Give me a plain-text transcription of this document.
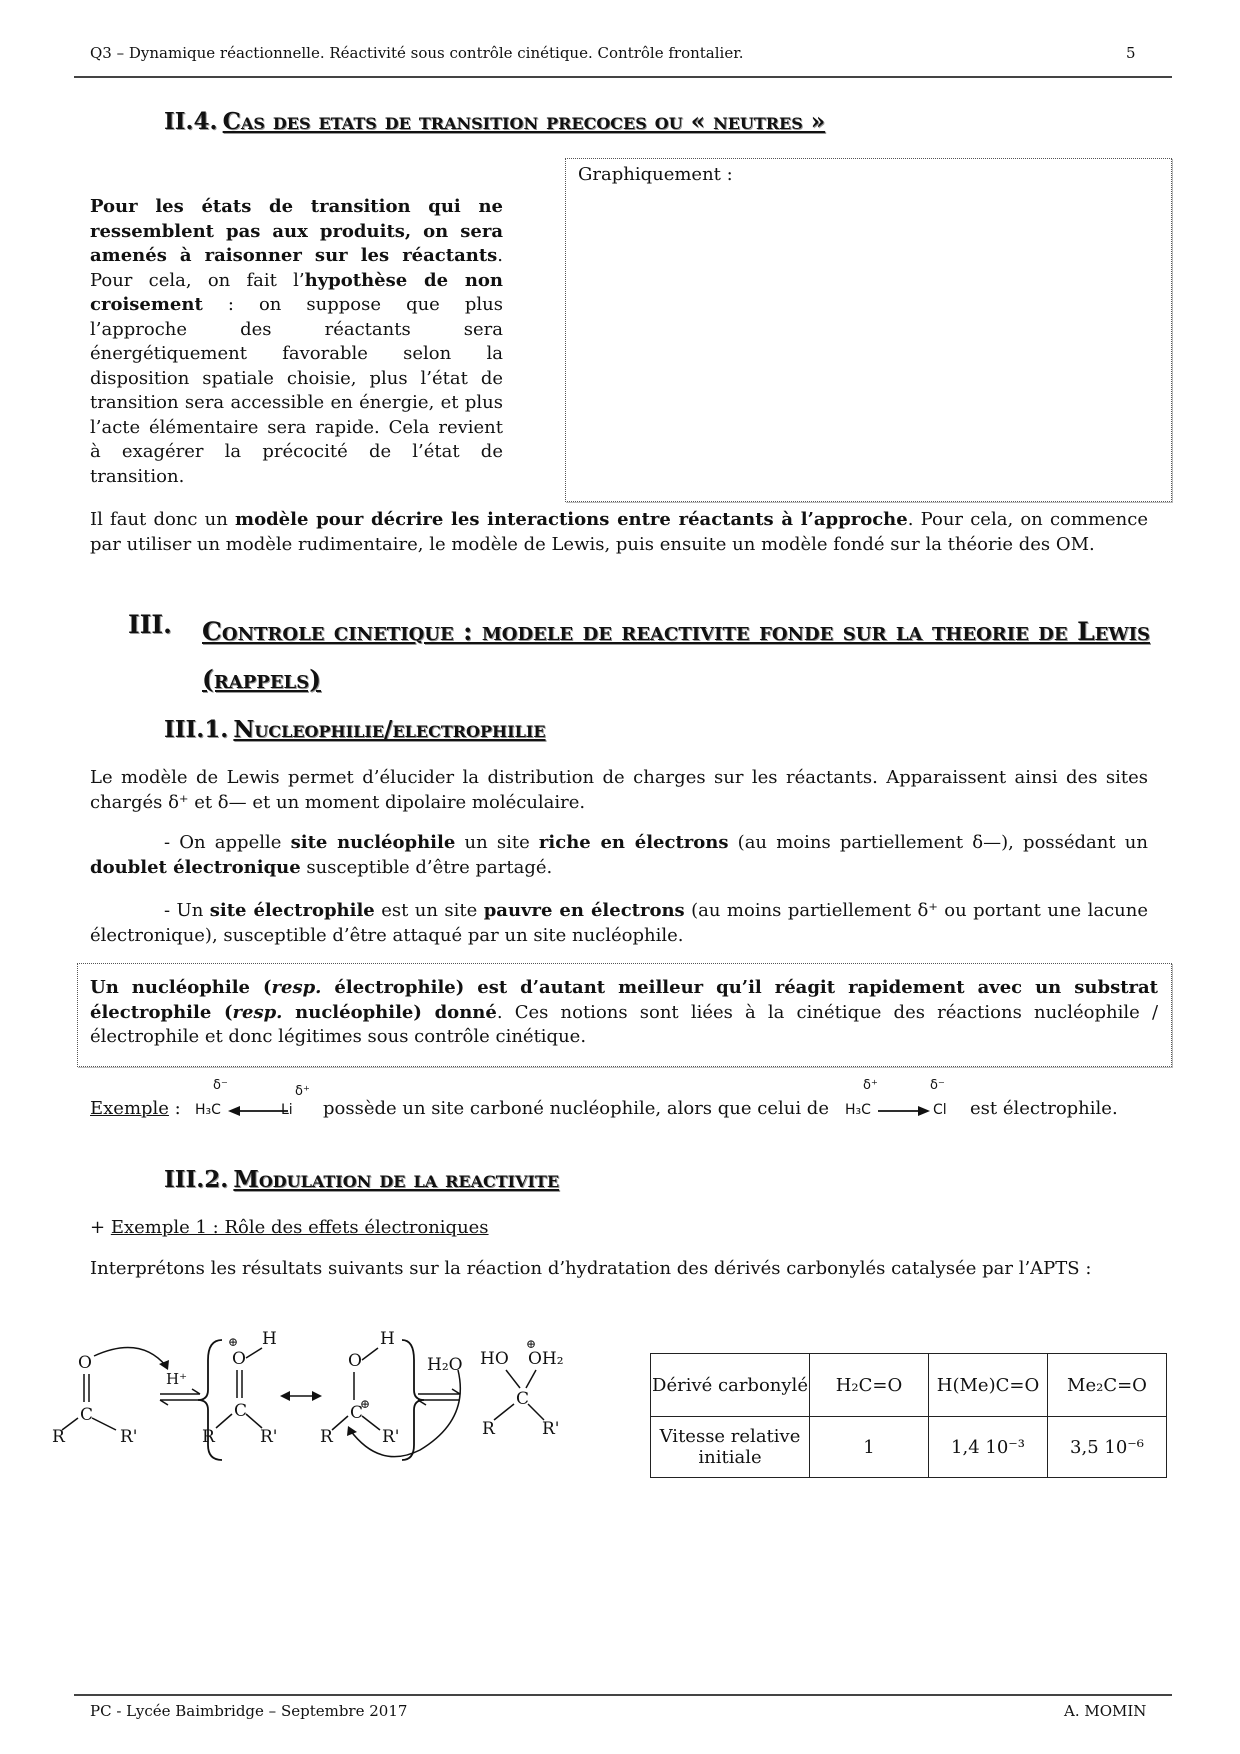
Q3 – Dynamique réactionnelle. Réactivité sous contrôle cinétique. Contrôle frontalier.	5
II.4. Cas des etats de transition precoces ou « neutres »
Pour les états de transition qui ne ressemblent pas aux produits, on sera amenés à raisonner sur les réactants. Pour cela, on fait l’hypothèse de non croisement : on suppose que plus l’approche des réactants sera énergétiquement favorable selon la disposition spatiale choisie, plus l’état de transition sera accessible en énergie, et plus l’acte élémentaire sera rapide. Cela revient à exagérer la précocité de l’état de transition.
Graphiquement :
Il faut donc un modèle pour décrire les interactions entre réactants à l’approche. Pour cela, on commence par utiliser un modèle rudimentaire, le modèle de Lewis, puis ensuite un modèle fondé sur la théorie des OM.
III. Controle cinetique : modele de reactivite fonde sur la theorie de Lewis (rappels)
III.1. Nucleophilie/electrophilie
Le modèle de Lewis permet d’élucider la distribution de charges sur les réactants. Apparaissent ainsi des sites chargés δ⁺ et δ— et un moment dipolaire moléculaire.
- On appelle site nucléophile un site riche en électrons (au moins partiellement δ—), possédant un doublet électronique susceptible d’être partagé.
- Un site électrophile est un site pauvre en électrons (au moins partiellement δ⁺ ou portant une lacune électronique), susceptible d’être attaqué par un site nucléophile.
Un nucléophile (resp. électrophile) est d’autant meilleur qu’il réagit rapidement avec un substrat électrophile (resp. nucléophile) donné. Ces notions sont liées à la cinétique des réactions nucléophile / électrophile et donc légitimes sous contrôle cinétique.
Exemple :
δ⁻	δ⁺
H₃C	Li possède un site carboné nucléophile, alors que celui de
δ⁺	δ⁻
H₃C	Cl est électrophile.
III.2. Modulation de la reactivite
+ Exemple 1 : Rôle des effets électroniques
Interprétons les résultats suivants sur la réaction d’hydratation des dérivés carbonylés catalysée par l’APTS :
O
C
R	R'
H⁺
⊕
O
H
C
R	R'
O
H
C
⊕
R	R'
H₂O
⊕
HO OH₂
C
R	R'
Dérivé carbonylé	H₂C=O	H(Me)C=O	Me₂C=O
Vitesse relative initiale	1	1,4 10⁻³	3,5 10⁻⁶
PC - Lycée Baimbridge – Septembre 2017	A. MOMIN
